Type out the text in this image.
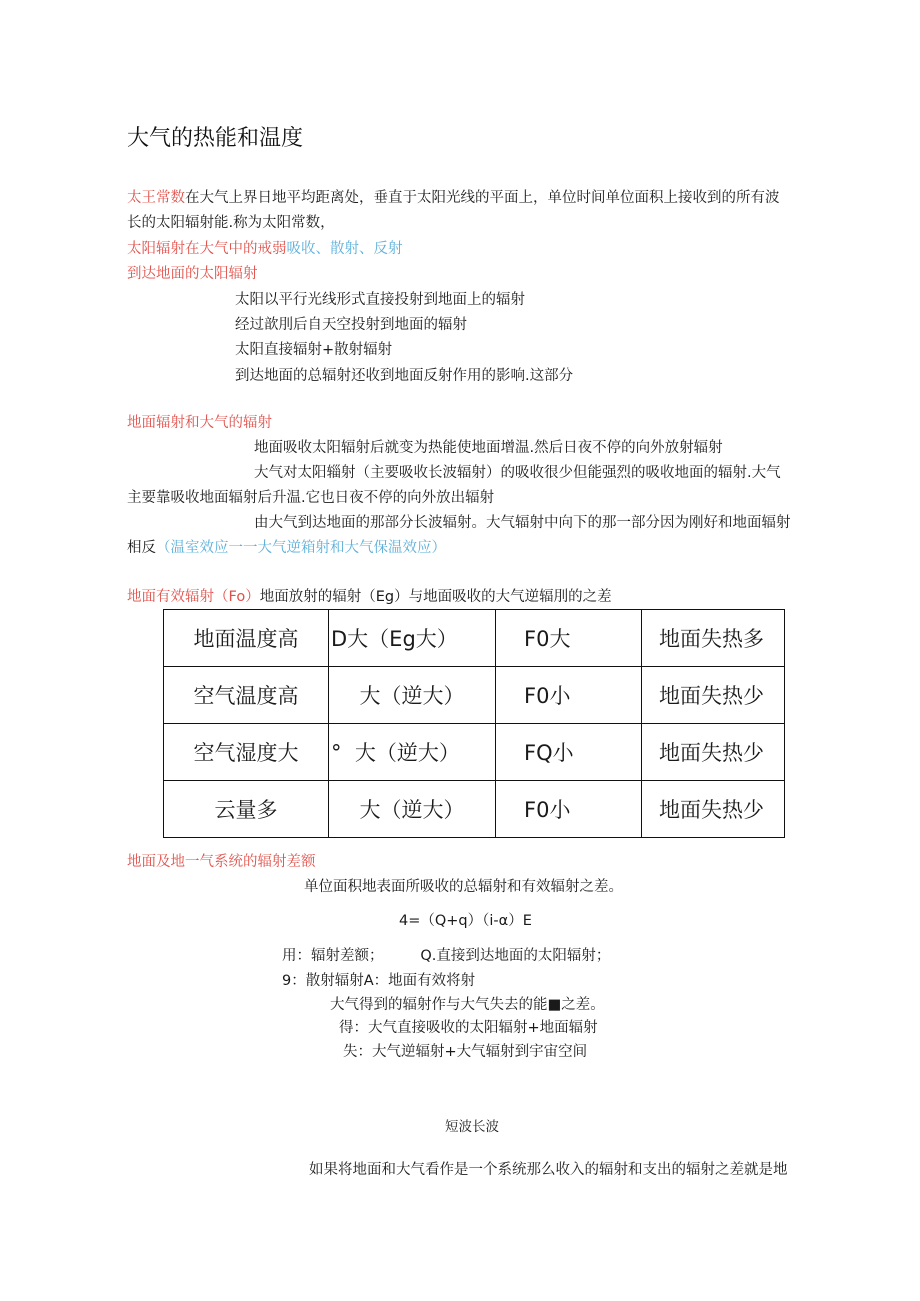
大气的热能和温度
太王常数在大气上界日地平均距离处，垂直于太阳光线的平面上，单位时间单位面积上接收到的所有波
长的太阳辐射能.称为太阳常数，
太阳辐射在大气中的戒弱吸收、散射、反射
到达地面的太阳辐射
太阳以平行光线形式直接投射到地面上的辐射
经过歆刖后自天空投射到地面的辐射
太阳直接辐射+散射辐射
到达地面的总辐射还收到地面反射作用的影响.这部分
地面辐射和大气的辐射
地面吸收太阳辐射后就变为热能使地面增温.然后日夜不停的向外放射辐射
大气对太阳辎射（主要吸收长波辐射）的吸收很少但能强烈的吸收地面的辐射.大气
主要靠吸收地面辐射后升温.它也日夜不停的向外放出辐射
由大气到达地面的那部分长波辐射。大气辐射中向下的那一部分因为刚好和地面辐射
相反（温室效应一一大气逆箱射和大气保温效应）
地面有效辐射（Fo）地面放射的辐射（Eg）与地面吸收的大气逆辐刖的之差
地面温度高	D大（Eg大）	F0大	地面失热多
空气温度高	大（逆大）	F0小	地面失热少
空气湿度大	°  大（逆大）	FQ小	地面失热少
云量多	大（逆大）	F0小	地面失热少
地面及地一气系统的辐射差额
单位面积地表面所吸收的总辐射和有效辐射之差。
4=（Q+q）（i-α）E
用：辐射差额；        Q.直接到达地面的太阳辐射；
9：散射辐射A：地面有效将射
大气得到的辐射作与大气失去的能■之差。
得：大气直接吸收的太阳辐射+地面辐射
失：大气逆辐射+大气辐射到宇宙空间
短波长波
如果将地面和大气看作是一个系统那么收入的辐射和支出的辐射之差就是地
